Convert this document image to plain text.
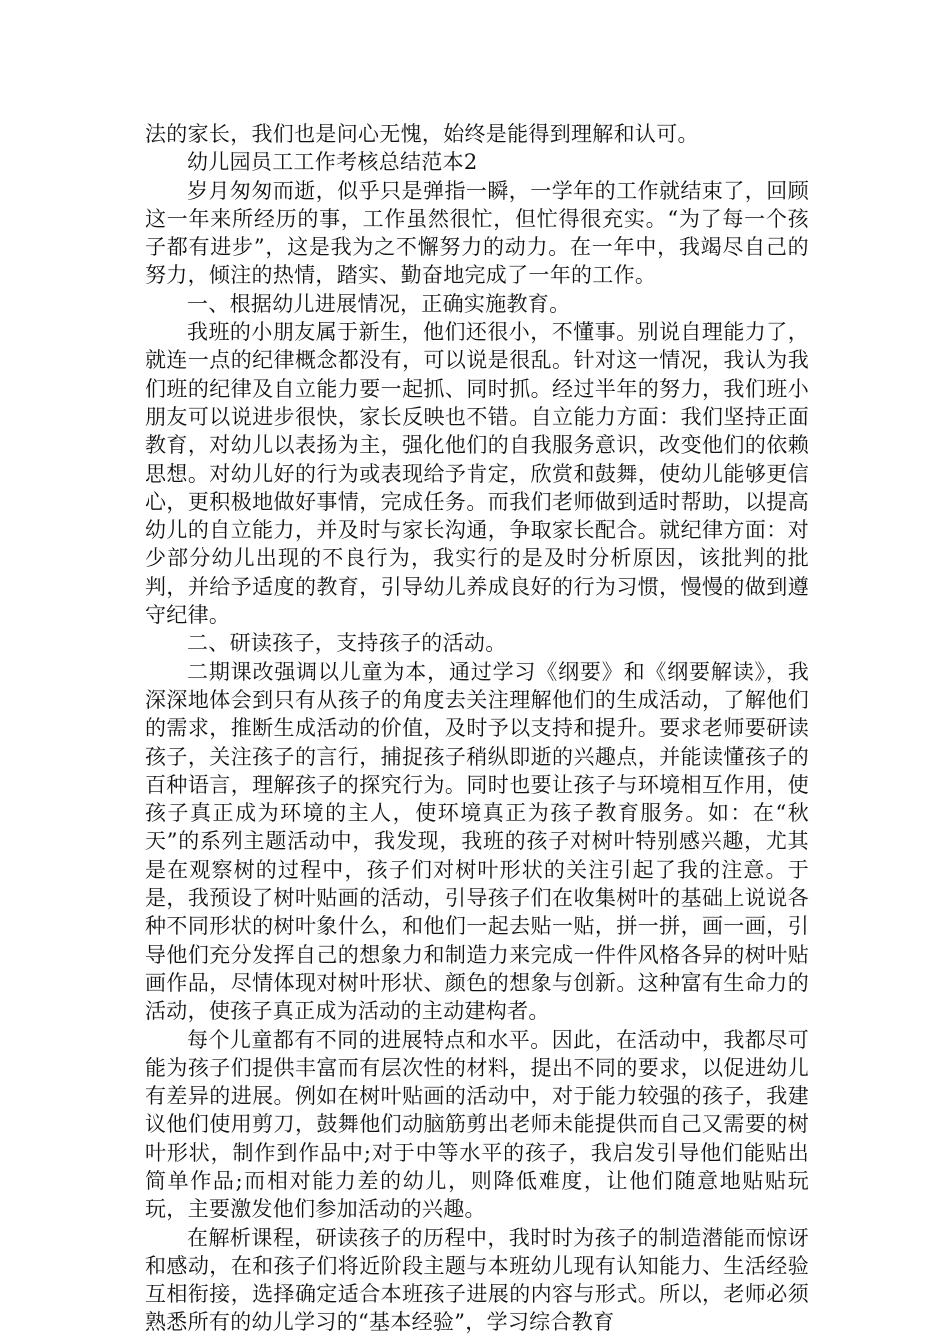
法的家长，我们也是问心无愧，始终是能得到理解和认可。

幼儿园员工工作考核总结范本2

岁月匆匆而逝，似乎只是弹指一瞬，一学年的工作就结束了，回顾这一年来所经历的事，工作虽然很忙，但忙得很充实。“为了每一个孩子都有进步”，这是我为之不懈努力的动力。在一年中，我竭尽自己的努力，倾注的热情，踏实、勤奋地完成了一年的工作。

一、根据幼儿进展情况，正确实施教育。

我班的小朋友属于新生，他们还很小，不懂事。别说自理能力了，就连一点的纪律概念都没有，可以说是很乱。针对这一情况，我认为我们班的纪律及自立能力要一起抓、同时抓。经过半年的努力，我们班小朋友可以说进步很快，家长反映也不错。自立能力方面：我们坚持正面教育，对幼儿以表扬为主，强化他们的自我服务意识，改变他们的依赖思想。对幼儿好的行为或表现给予肯定，欣赏和鼓舞，使幼儿能够更信心，更积极地做好事情，完成任务。而我们老师做到适时帮助，以提高幼儿的自立能力，并及时与家长沟通，争取家长配合。就纪律方面：对少部分幼儿出现的不良行为，我实行的是及时分析原因，该批判的批判，并给予适度的教育，引导幼儿养成良好的行为习惯，慢慢的做到遵守纪律。

二、研读孩子，支持孩子的活动。

二期课改强调以儿童为本，通过学习《纲要》和《纲要解读》，我深深地体会到只有从孩子的角度去关注理解他们的生成活动，了解他们的需求，推断生成活动的价值，及时予以支持和提升。要求老师要研读孩子，关注孩子的言行，捕捉孩子稍纵即逝的兴趣点，并能读懂孩子的百种语言，理解孩子的探究行为。同时也要让孩子与环境相互作用，使孩子真正成为环境的主人，使环境真正为孩子教育服务。如：在“秋天”的系列主题活动中，我发现，我班的孩子对树叶特别感兴趣，尤其是在观察树的过程中，孩子们对树叶形状的关注引起了我的注意。于是，我预设了树叶贴画的活动，引导孩子们在收集树叶的基础上说说各种不同形状的树叶象什么，和他们一起去贴一贴，拼一拼，画一画，引导他们充分发挥自己的想象力和制造力来完成一件件风格各异的树叶贴画作品，尽情体现对树叶形状、颜色的想象与创新。这种富有生命力的活动，使孩子真正成为活动的主动建构者。

每个儿童都有不同的进展特点和水平。因此，在活动中，我都尽可能为孩子们提供丰富而有层次性的材料，提出不同的要求，以促进幼儿有差异的进展。例如在树叶贴画的活动中，对于能力较强的孩子，我建议他们使用剪刀，鼓舞他们动脑筋剪出老师未能提供而自己又需要的树叶形状，制作到作品中;对于中等水平的孩子，我启发引导他们能贴出简单作品;而相对能力差的幼儿，则降低难度，让他们随意地贴贴玩玩，主要激发他们参加活动的兴趣。

在解析课程，研读孩子的历程中，我时时为孩子的制造潜能而惊讶和感动，在和孩子们将近阶段主题与本班幼儿现有认知能力、生活经验互相衔接，选择确定适合本班孩子进展的内容与形式。所以，老师必须熟悉所有的幼儿学习的“基本经验”，学习综合教育
